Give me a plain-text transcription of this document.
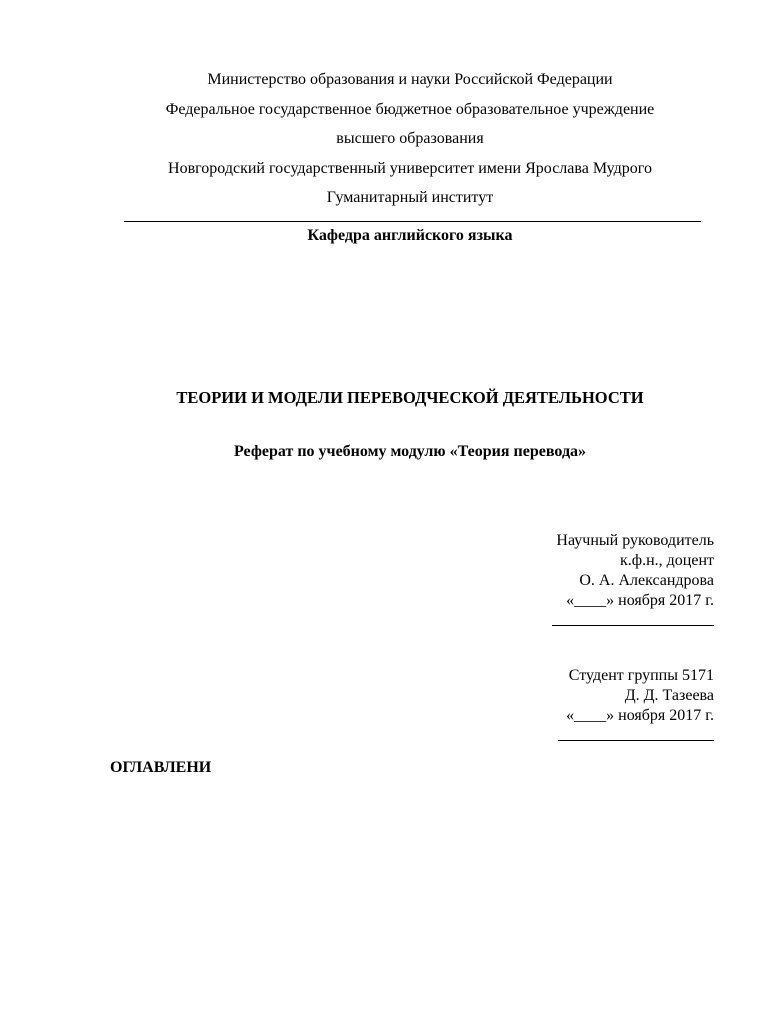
Министерство образования и науки Российской Федерации
Федеральное государственное бюджетное образовательное учреждение
высшего образования
Новгородский государственный университет имени Ярослава Мудрого
Гуманитарный институт
Кафедра английского языка
ТЕОРИИ И МОДЕЛИ ПЕРЕВОДЧЕСКОЙ ДЕЯТЕЛЬНОСТИ
Реферат по учебному модулю «Теория перевода»
Научный руководитель
к.ф.н., доцент
О. А. Александрова
«____» ноября 2017 г.
Студент группы 5171
Д. Д. Тазеева
«____» ноября 2017 г.
ОГЛАВЛЕНИ
